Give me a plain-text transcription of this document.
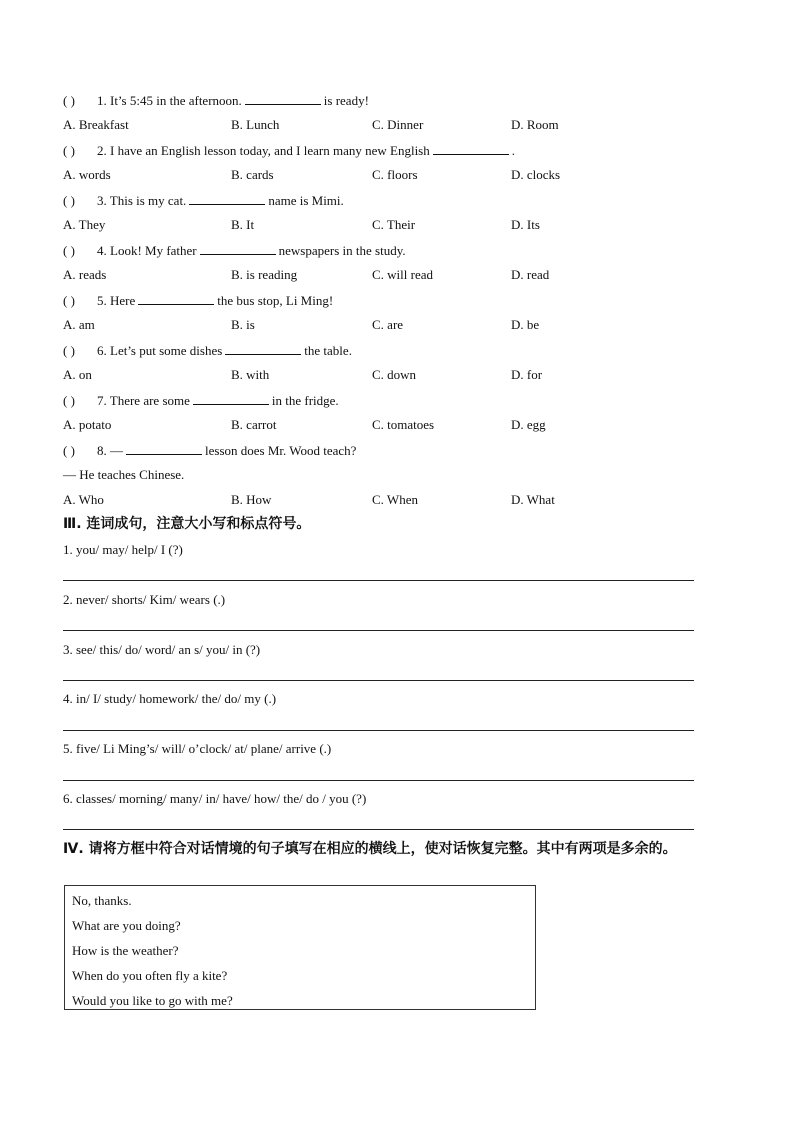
( ) 1. It’s 5:45 in the afternoon.	is ready!
A. Breakfast	B. Lunch	C. Dinner	D. Room
( ) 2. I have an English lesson today, and I learn many new English	.
A. words	B. cards	C. floors	D. clocks
( ) 3. This is my cat.	name is Mimi.
A. They	B. It	C. Their	D. Its
( ) 4. Look! My father	newspapers in the study.
A. reads	B. is reading	C. will read	D. read
( ) 5. Here	the bus stop, Li Ming!
A. am	B. is	C. are	D. be
( ) 6. Let’s put some dishes	the table.
A. on	B. with	C. down	D. for
( ) 7. There are some	in the fridge.
A. potato	B. carrot	C. tomatoes	D. egg
( ) 8. —	lesson does Mr. Wood teach?
— He teaches Chinese.
A. Who	B. How	C. When	D. What
Ⅲ. 连词成句，注意大小写和标点符号。
1. you/ may/ help/ I (?)
2. never/ shorts/ Kim/ wears (.)
3. see/ this/ do/ word/ an s/ you/ in (?)
4. in/ I/ study/ homework/ the/ do/ my (.)
5. five/ Li Ming’s/ will/ o’clock/ at/ plane/ arrive (.)
6. classes/ morning/ many/ in/ have/ how/ the/ do / you (?)
Ⅳ. 请将方框中符合对话情境的句子填写在相应的横线上，使对话恢复完整。其中有两项是多余的。
No, thanks.
What are you doing?
How is the weather?
When do you often fly a kite?
Would you like to go with me?
